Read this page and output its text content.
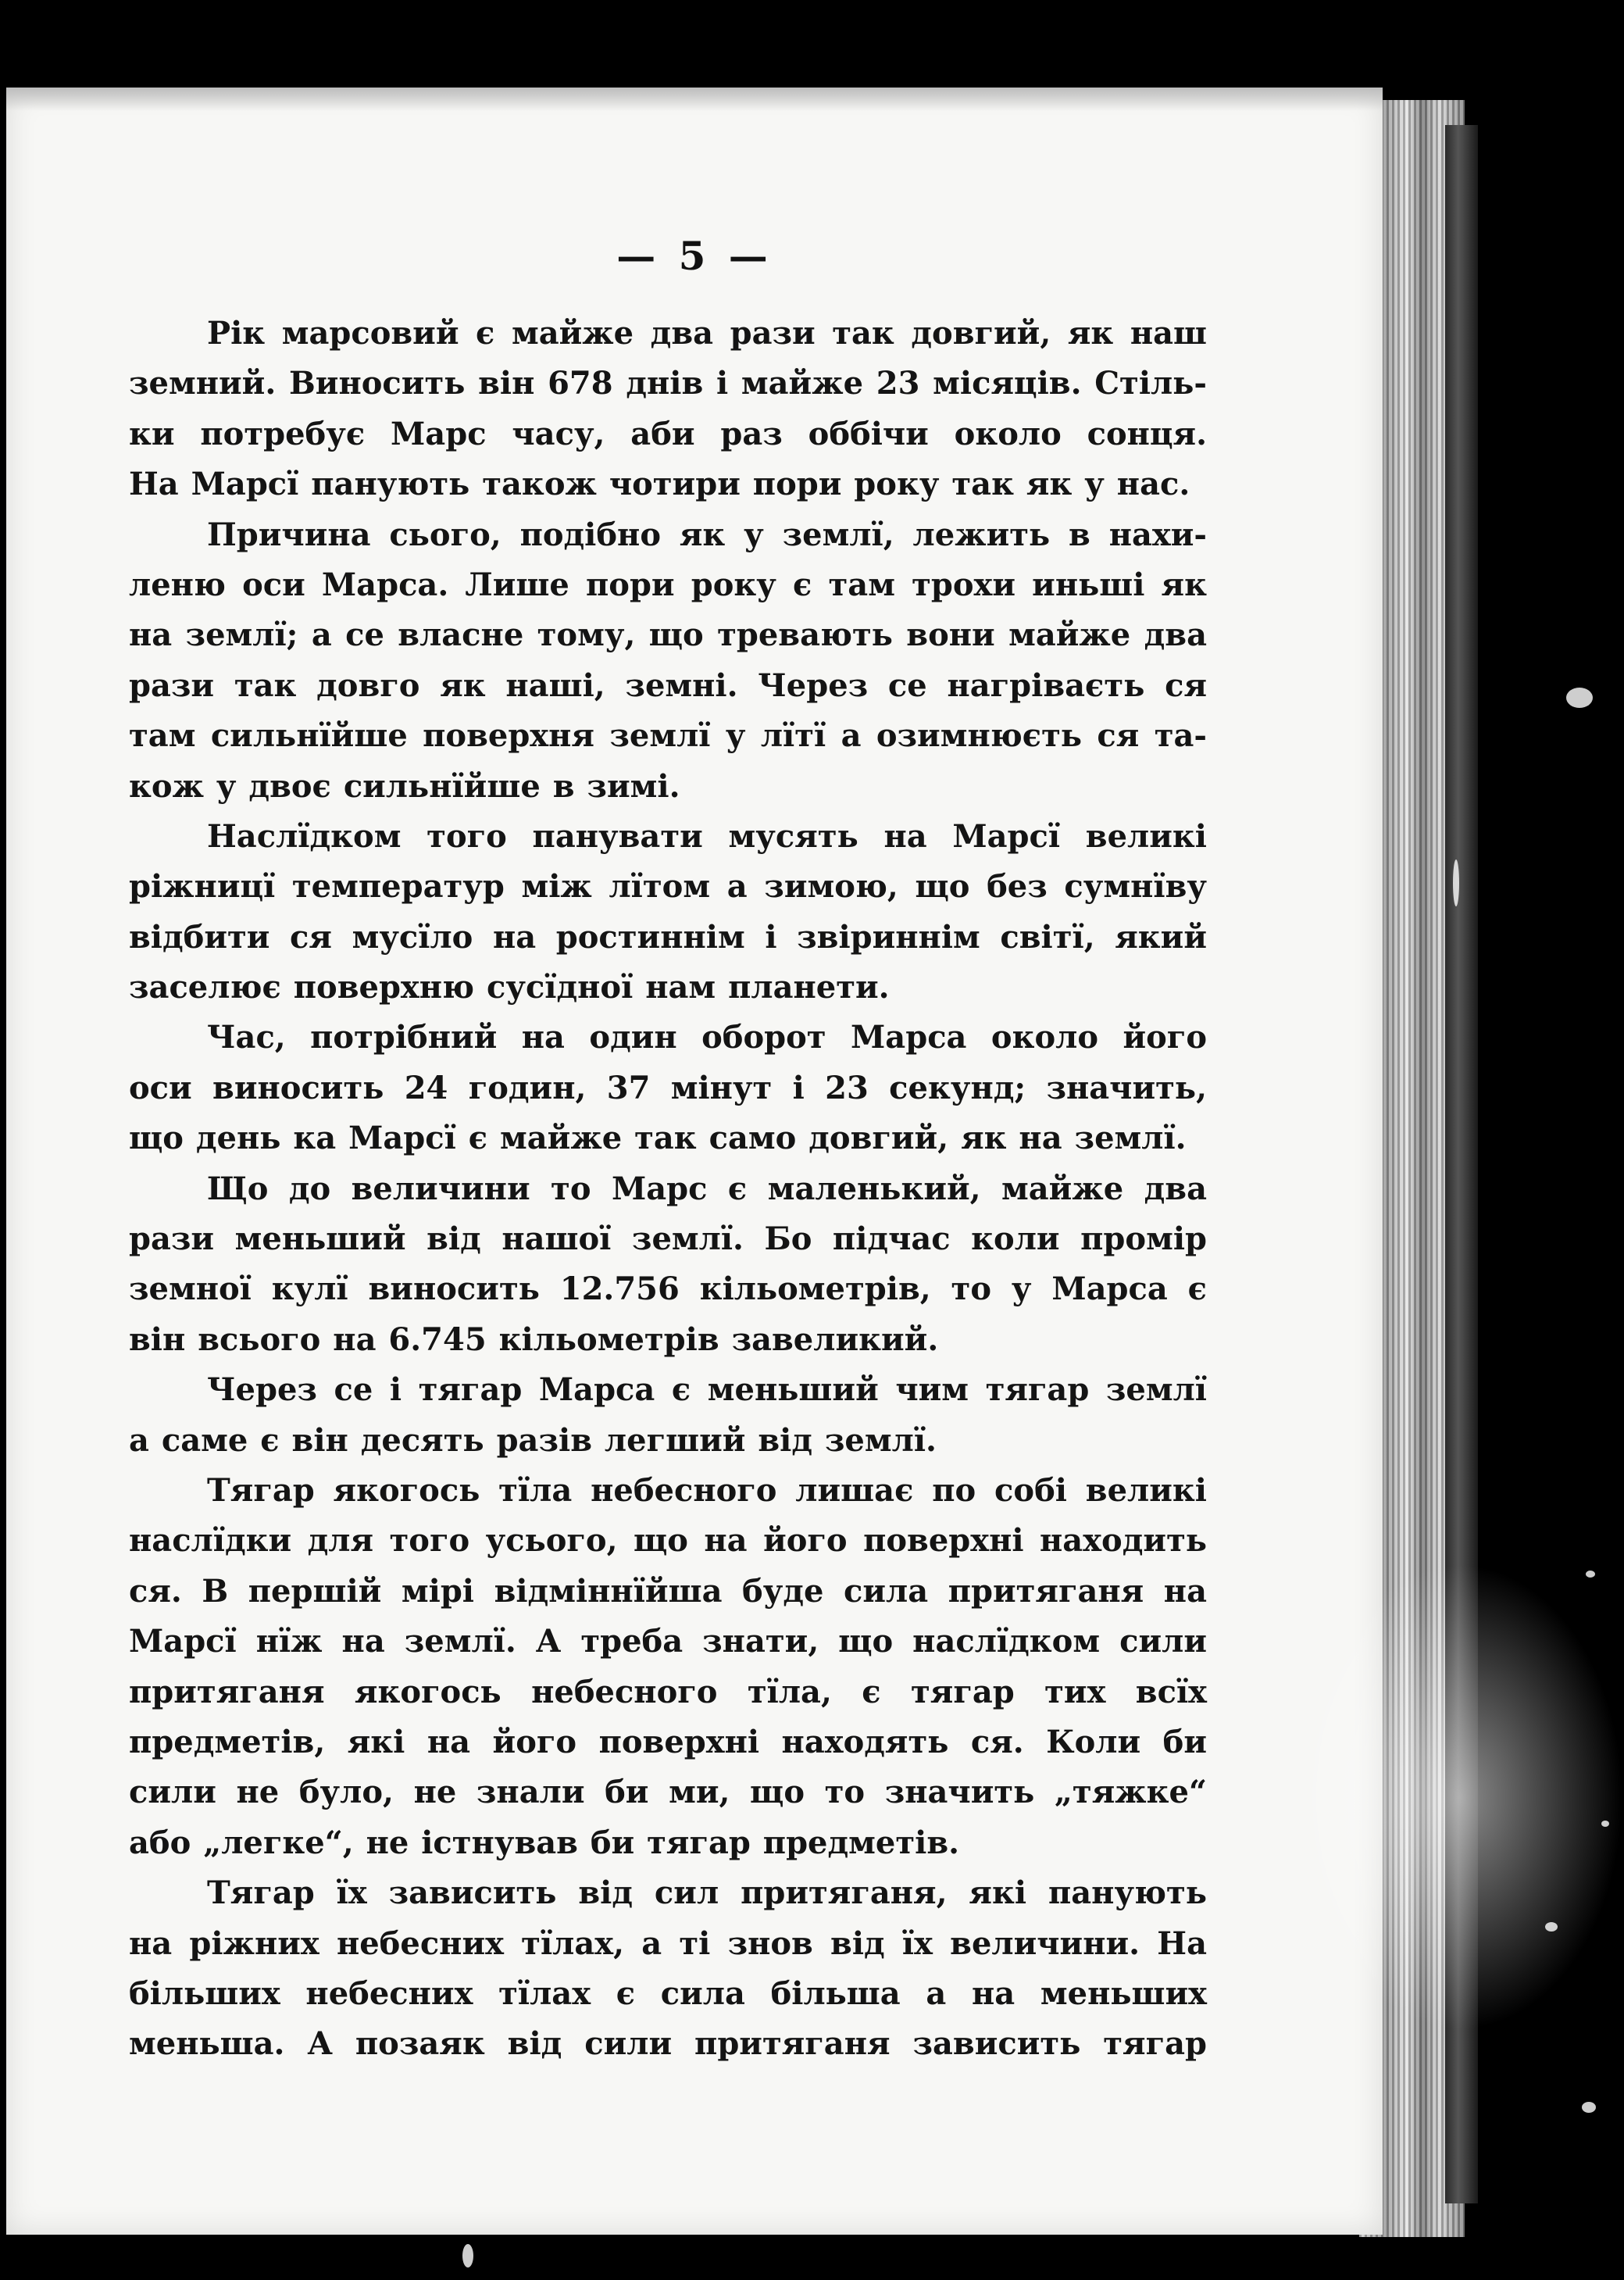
— 5 —
Рік марсовий є майже два рази так довгий, як наш
земний. Виносить він 678 днів і майже 23 місяців. Стіль-
ки потребує Марс часу, аби раз оббічи около сонця.
На Марсї панують також чотири пори року так як у нас.
Причина сього, подібно як у землї, лежить в нахи-
леню оси Марса. Лише пори року є там трохи иньші як
на землї; а се власне тому, що тревають вони майже два
рази так довго як наші, земні. Через се нагріваєть ся
там сильнїйше поверхня землї у лїтї а озимнюєть ся та-
кож у двоє сильнїйше в зимі.
Наслїдком того панувати мусять на Марсї великі
ріжницї температур між лїтом а зимою, що без сумнїву
відбити ся мусїло на ростиннім і звіриннім світї, який
заселює поверхню сусїдної нам планети.
Час, потрібний на один оборот Марса около його
оси виносить 24 годин, 37 мінут і 23 секунд; значить,
що день ка Марсї є майже так само довгий, як на землї.
Що до величини то Марс є маленький, майже два
рази меньший від нашої землї. Бо підчас коли промір
земної кулї виносить 12.756 кільометрів, то у Марса є
він всього на 6.745 кільометрів завеликий.
Через се і тягар Марса є меньший чим тягар землї
а саме є він десять разів легший від землї.
Тягар якогось тїла небесного лишає по собі великі
наслїдки для того усього, що на його поверхні находить
ся. В першій мірі відміннїйша буде сила притяганя на
Марсї нїж на землї. А треба знати, що наслїдком сили
притяганя якогось небесного тїла, є тягар тих всїх
предметів, які на його поверхні находять ся. Коли би
сили не було, не знали би ми, що то значить „тяжке“
або „легке“, не істнував би тягар предметів.
Тягар їх зависить від сил притяганя, які панують
на ріжних небесних тїлах, а ті знов від їх величини. На
більших небесних тїлах є сила більша а на меньших
меньша. А позаяк від сили притяганя зависить тягар
